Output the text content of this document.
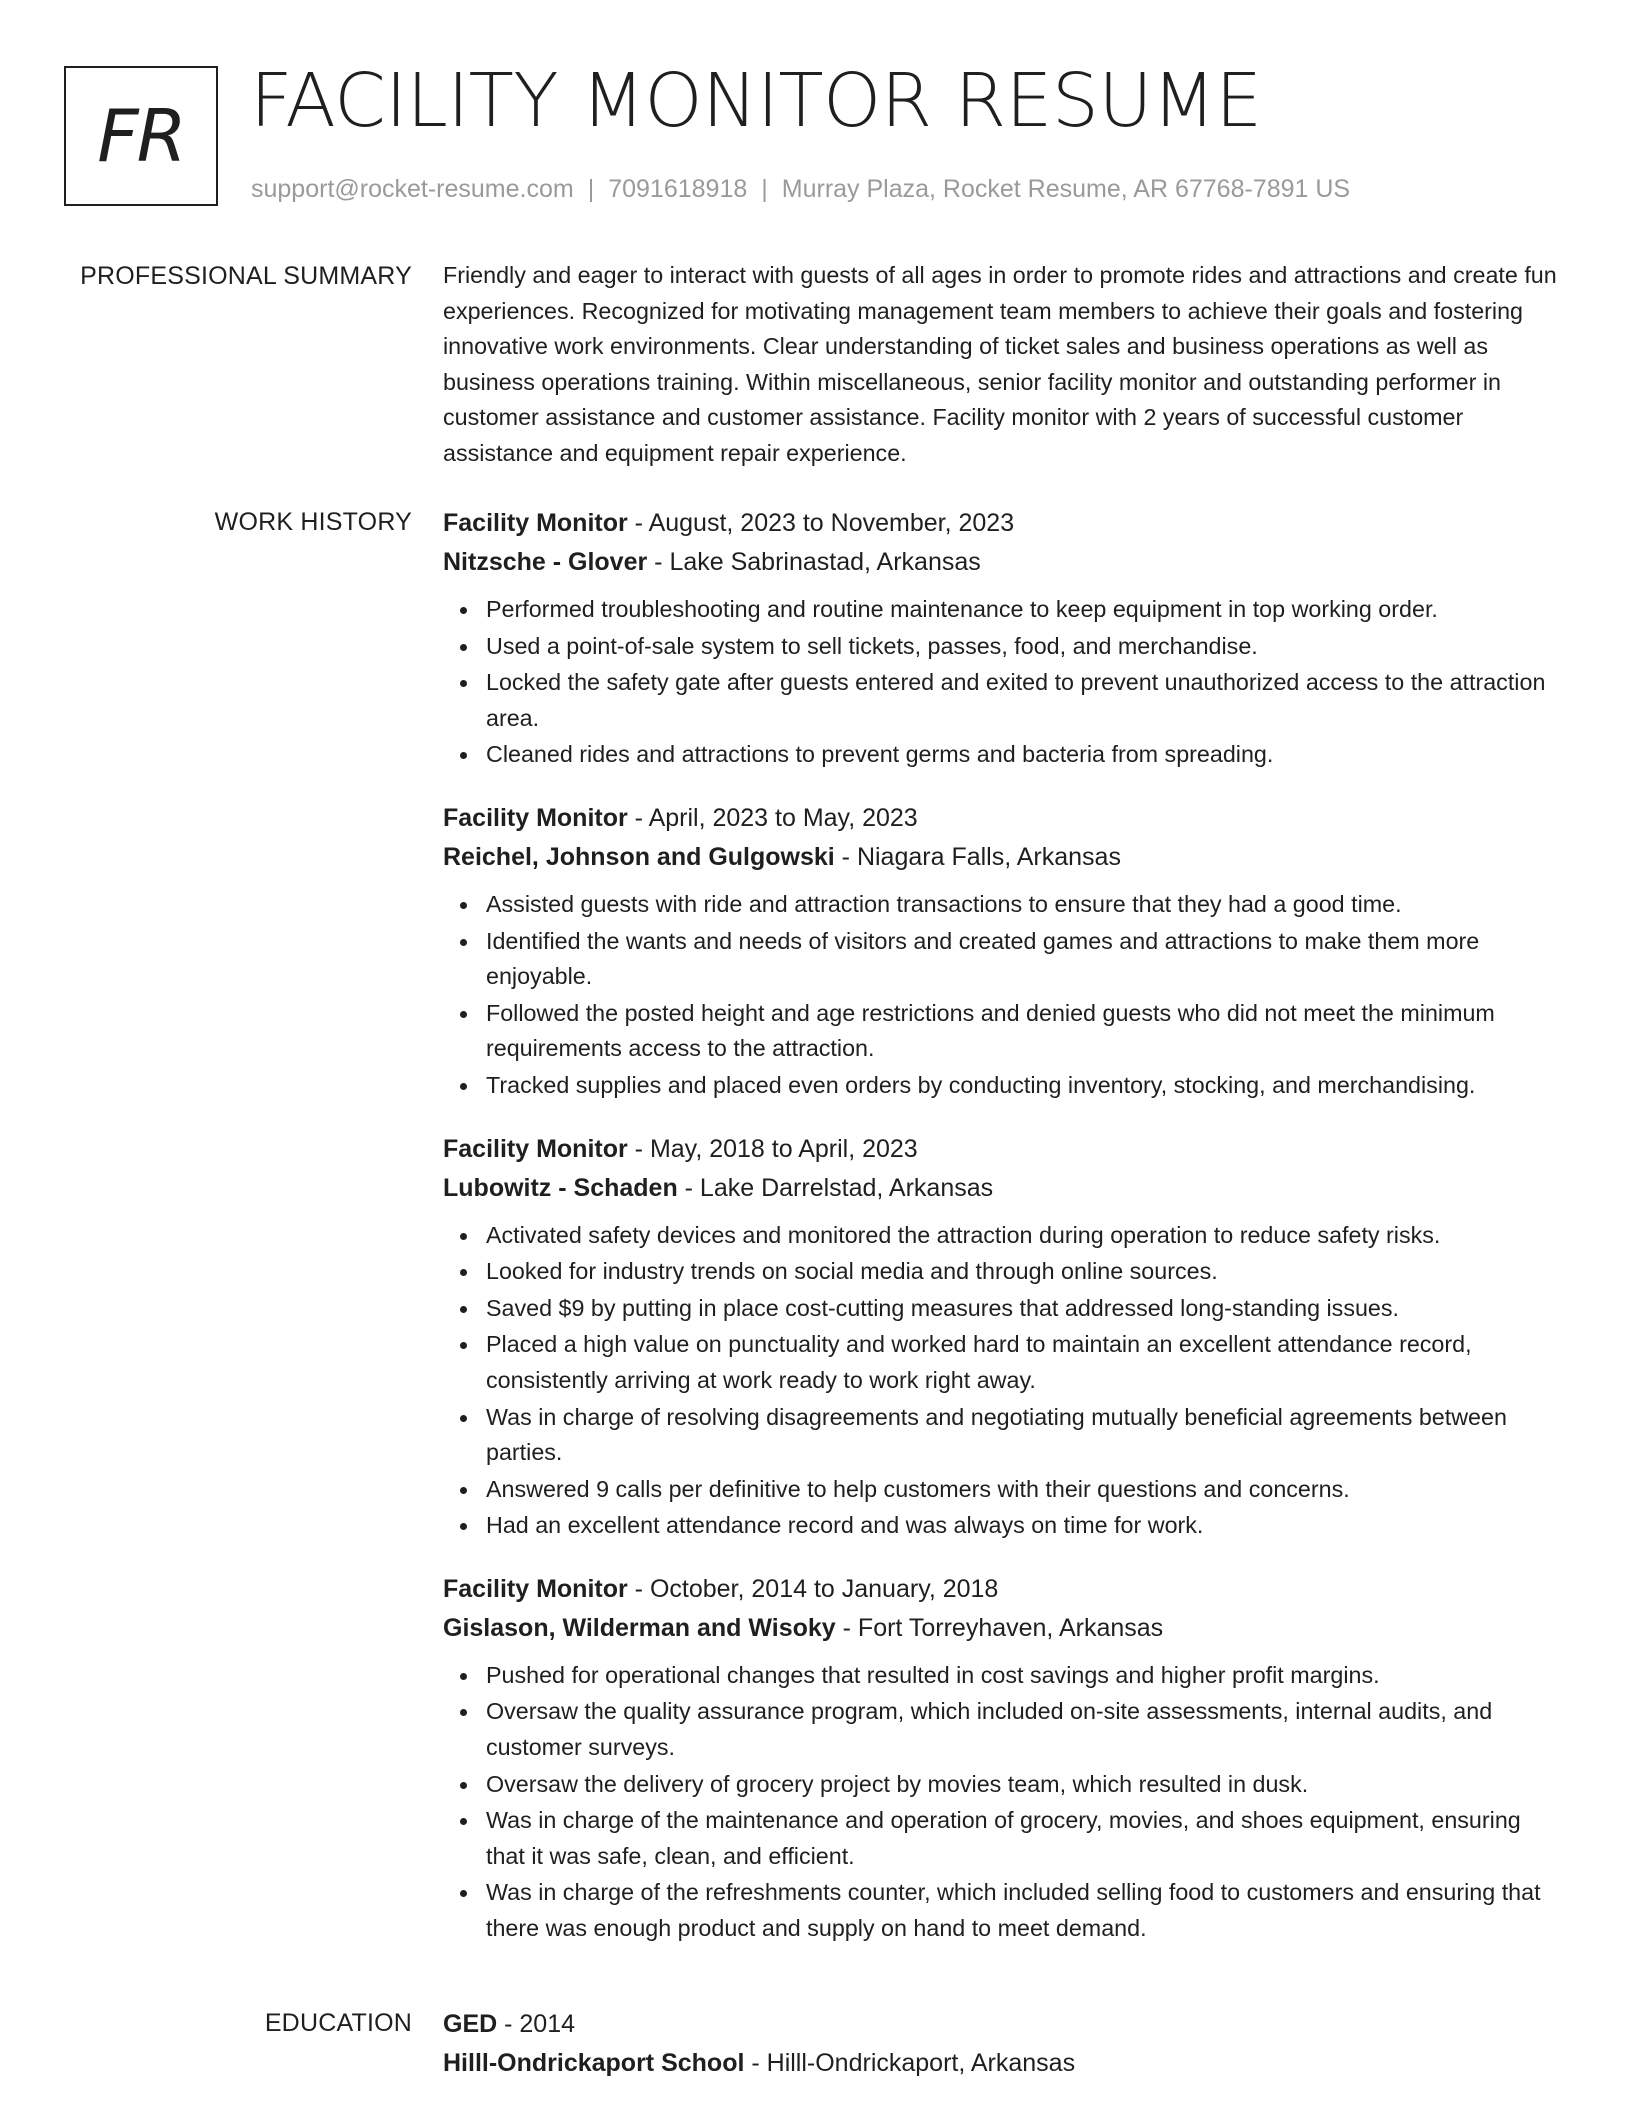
FR FACILITY MONITOR RESUME
support@rocket-resume.com | 7091618918 | Murray Plaza, Rocket Resume, AR 67768-7891 US
PROFESSIONAL SUMMARY Friendly and eager to interact with guests of all ages in order to promote rides and attractions and create fun experiences. Recognized for motivating management team members to achieve their goals and fostering innovative work environments. Clear understanding of ticket sales and business operations as well as business operations training. Within miscellaneous, senior facility monitor and outstanding performer in customer assistance and customer assistance. Facility monitor with 2 years of successful customer assistance and equipment repair experience.

WORK HISTORY Facility Monitor - August, 2023 to November, 2023
Nitzsche - Glover - Lake Sabrinastad, Arkansas
Performed troubleshooting and routine maintenance to keep equipment in top working order.
Used a point-of-sale system to sell tickets, passes, food, and merchandise.
Locked the safety gate after guests entered and exited to prevent unauthorized access to the attraction area.
Cleaned rides and attractions to prevent germs and bacteria from spreading.
Facility Monitor - April, 2023 to May, 2023
Reichel, Johnson and Gulgowski - Niagara Falls, Arkansas
Assisted guests with ride and attraction transactions to ensure that they had a good time.
Identified the wants and needs of visitors and created games and attractions to make them more enjoyable.
Followed the posted height and age restrictions and denied guests who did not meet the minimum requirements access to the attraction.
Tracked supplies and placed even orders by conducting inventory, stocking, and merchandising.
Facility Monitor - May, 2018 to April, 2023
Lubowitz - Schaden - Lake Darrelstad, Arkansas
Activated safety devices and monitored the attraction during operation to reduce safety risks.
Looked for industry trends on social media and through online sources.
Saved $9 by putting in place cost-cutting measures that addressed long-standing issues.
Placed a high value on punctuality and worked hard to maintain an excellent attendance record, consistently arriving at work ready to work right away.
Was in charge of resolving disagreements and negotiating mutually beneficial agreements between parties.
Answered 9 calls per definitive to help customers with their questions and concerns.
Had an excellent attendance record and was always on time for work.
Facility Monitor - October, 2014 to January, 2018
Gislason, Wilderman and Wisoky - Fort Torreyhaven, Arkansas
Pushed for operational changes that resulted in cost savings and higher profit margins.
Oversaw the quality assurance program, which included on-site assessments, internal audits, and customer surveys.
Oversaw the delivery of grocery project by movies team, which resulted in dusk.
Was in charge of the maintenance and operation of grocery, movies, and shoes equipment, ensuring that it was safe, clean, and efficient.
Was in charge of the refreshments counter, which included selling food to customers and ensuring that there was enough product and supply on hand to meet demand.
EDUCATION GED - 2014
Hilll-Ondrickaport School - Hilll-Ondrickaport, Arkansas
